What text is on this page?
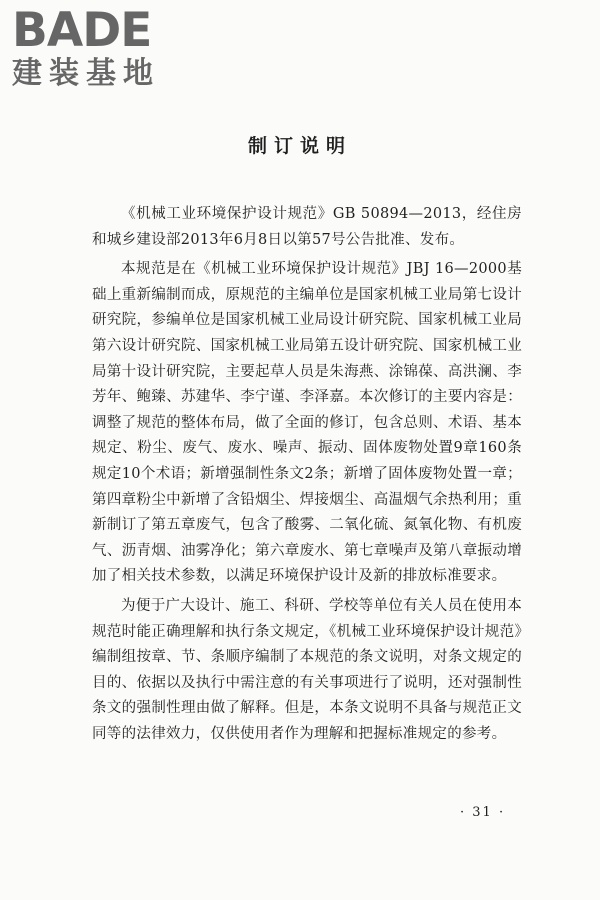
BADE
建装基地
制订说明

《机械工业环境保护设计规范》GB 50894—2013，经住房和城乡建设部2013年6月8日以第57号公告批准、发布。

本规范是在《机械工业环境保护设计规范》JBJ 16—2000基础上重新编制而成，原规范的主编单位是国家机械工业局第七设计研究院，参编单位是国家机械工业局设计研究院、国家机械工业局第六设计研究院、国家机械工业局第五设计研究院、国家机械工业局第十设计研究院，主要起草人员是朱海燕、涂锦葆、高洪澜、李芳年、鲍臻、苏建华、李宁谨、李泽嘉。本次修订的主要内容是：调整了规范的整体布局，做了全面的修订，包含总则、术语、基本规定、粉尘、废气、废水、噪声、振动、固体废物处置9章160条规定10个术语；新增强制性条文2条；新增了固体废物处置一章；第四章粉尘中新增了含铅烟尘、焊接烟尘、高温烟气余热利用；重新制订了第五章废气，包含了酸雾、二氧化硫、氮氧化物、有机废气、沥青烟、油雾净化；第六章废水、第七章噪声及第八章振动增加了相关技术参数，以满足环境保护设计及新的排放标准要求。

为便于广大设计、施工、科研、学校等单位有关人员在使用本规范时能正确理解和执行条文规定，《机械工业环境保护设计规范》编制组按章、节、条顺序编制了本规范的条文说明，对条文规定的目的、依据以及执行中需注意的有关事项进行了说明，还对强制性条文的强制性理由做了解释。但是，本条文说明不具备与规范正文同等的法律效力，仅供使用者作为理解和把握标准规定的参考。

· 31 ·
